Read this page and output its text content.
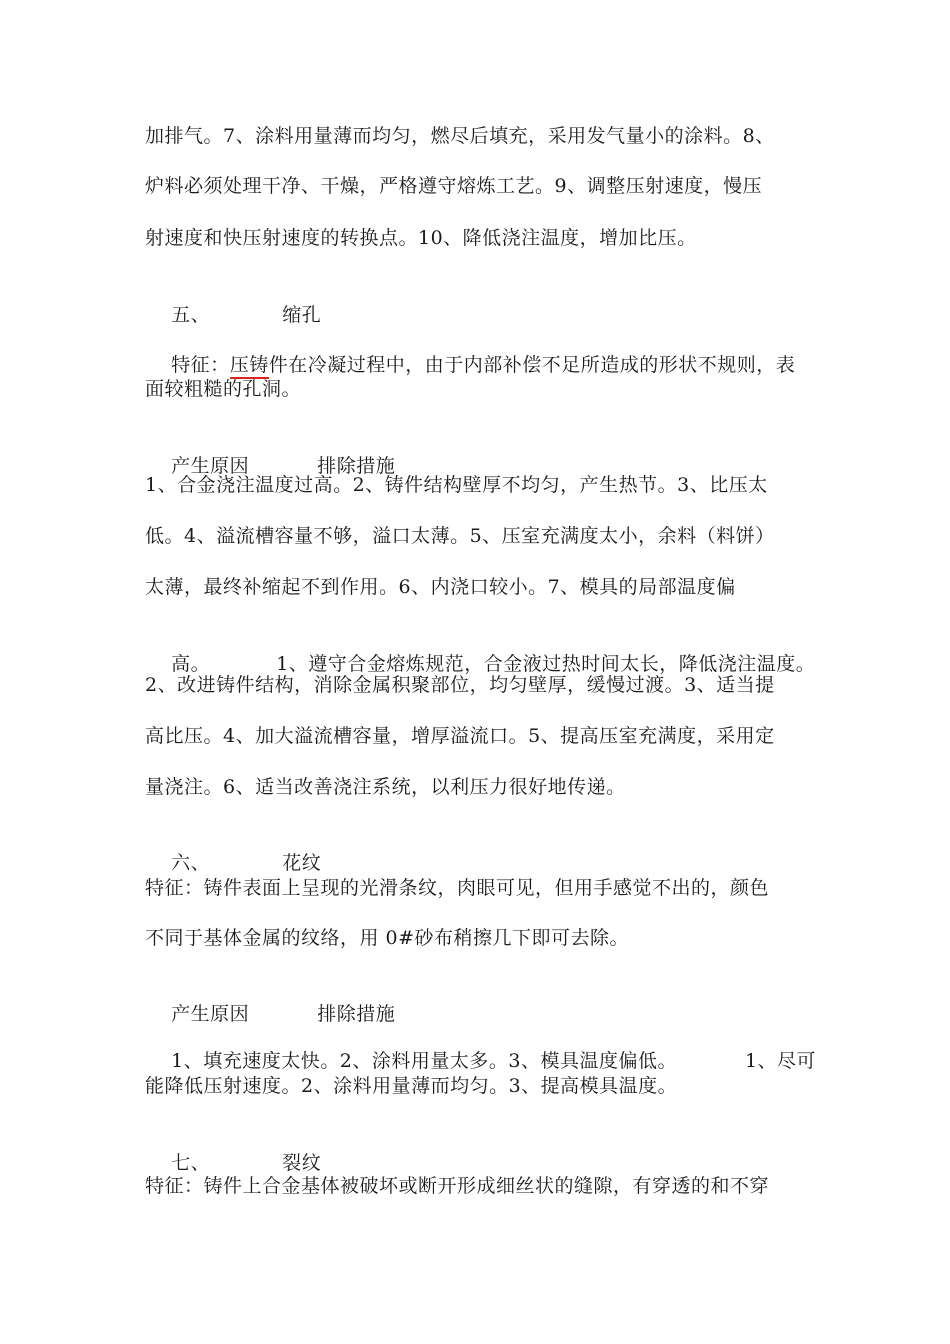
加排气。7、涂料用量薄而均匀，燃尽后填充，采用发气量小的涂料。8、
炉料必须处理干净、干燥，严格遵守熔炼工艺。9、调整压射速度，慢压
射速度和快压射速度的转换点。10、降低浇注温度，增加比压。

五、	缩孔

特征：压铸件在冷凝过程中，由于内部补偿不足所造成的形状不规则，表

面较粗糙的孔洞。

产生原因	排除措施

1、合金浇注温度过高。2、铸件结构壁厚不均匀，产生热节。3、比压太
低。4、溢流槽容量不够，溢口太薄。5、压室充满度太小，余料（料饼）
太薄，最终补缩起不到作用。6、内浇口较小。7、模具的局部温度偏

高。	1、遵守合金熔炼规范，合金液过热时间太长，降低浇注温度。

2、改进铸件结构，消除金属积聚部位，均匀壁厚，缓慢过渡。3、适当提
高比压。4、加大溢流槽容量，增厚溢流口。5、提高压室充满度，采用定
量浇注。6、适当改善浇注系统，以利压力很好地传递。

六、	花纹

特征：铸件表面上呈现的光滑条纹，肉眼可见，但用手感觉不出的，颜色
不同于基体金属的纹络，用 0#砂布稍擦几下即可去除。

产生原因	排除措施

1、填充速度太快。2、涂料用量太多。3、模具温度偏低。	1、尽可

能降低压射速度。2、涂料用量薄而均匀。3、提高模具温度。

七、	裂纹

特征：铸件上合金基体被破坏或断开形成细丝状的缝隙，有穿透的和不穿
